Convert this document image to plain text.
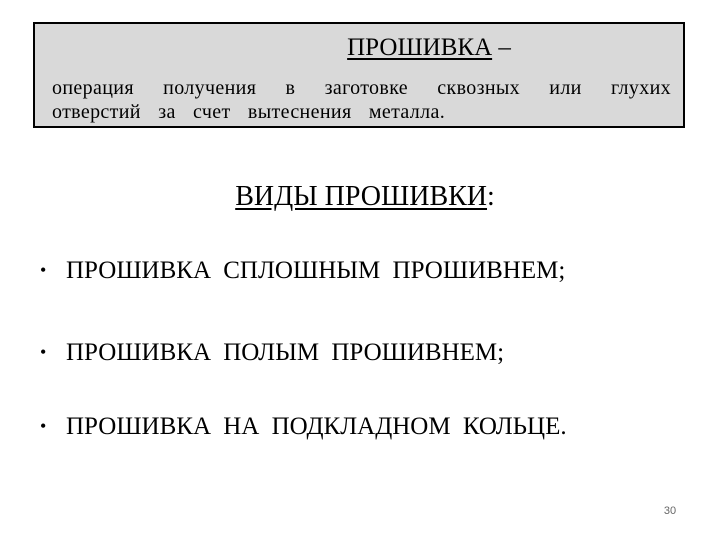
ПРОШИВКА –
операция получения в заготовке сквозных или глухих
отверстий за счет вытеснения металла.
ВИДЫ ПРОШИВКИ:
• ПРОШИВКА СПЛОШНЫМ ПРОШИВНЕМ;
• ПРОШИВКА ПОЛЫМ ПРОШИВНЕМ;
• ПРОШИВКА НА ПОДКЛАДНОМ КОЛЬЦЕ.
30
